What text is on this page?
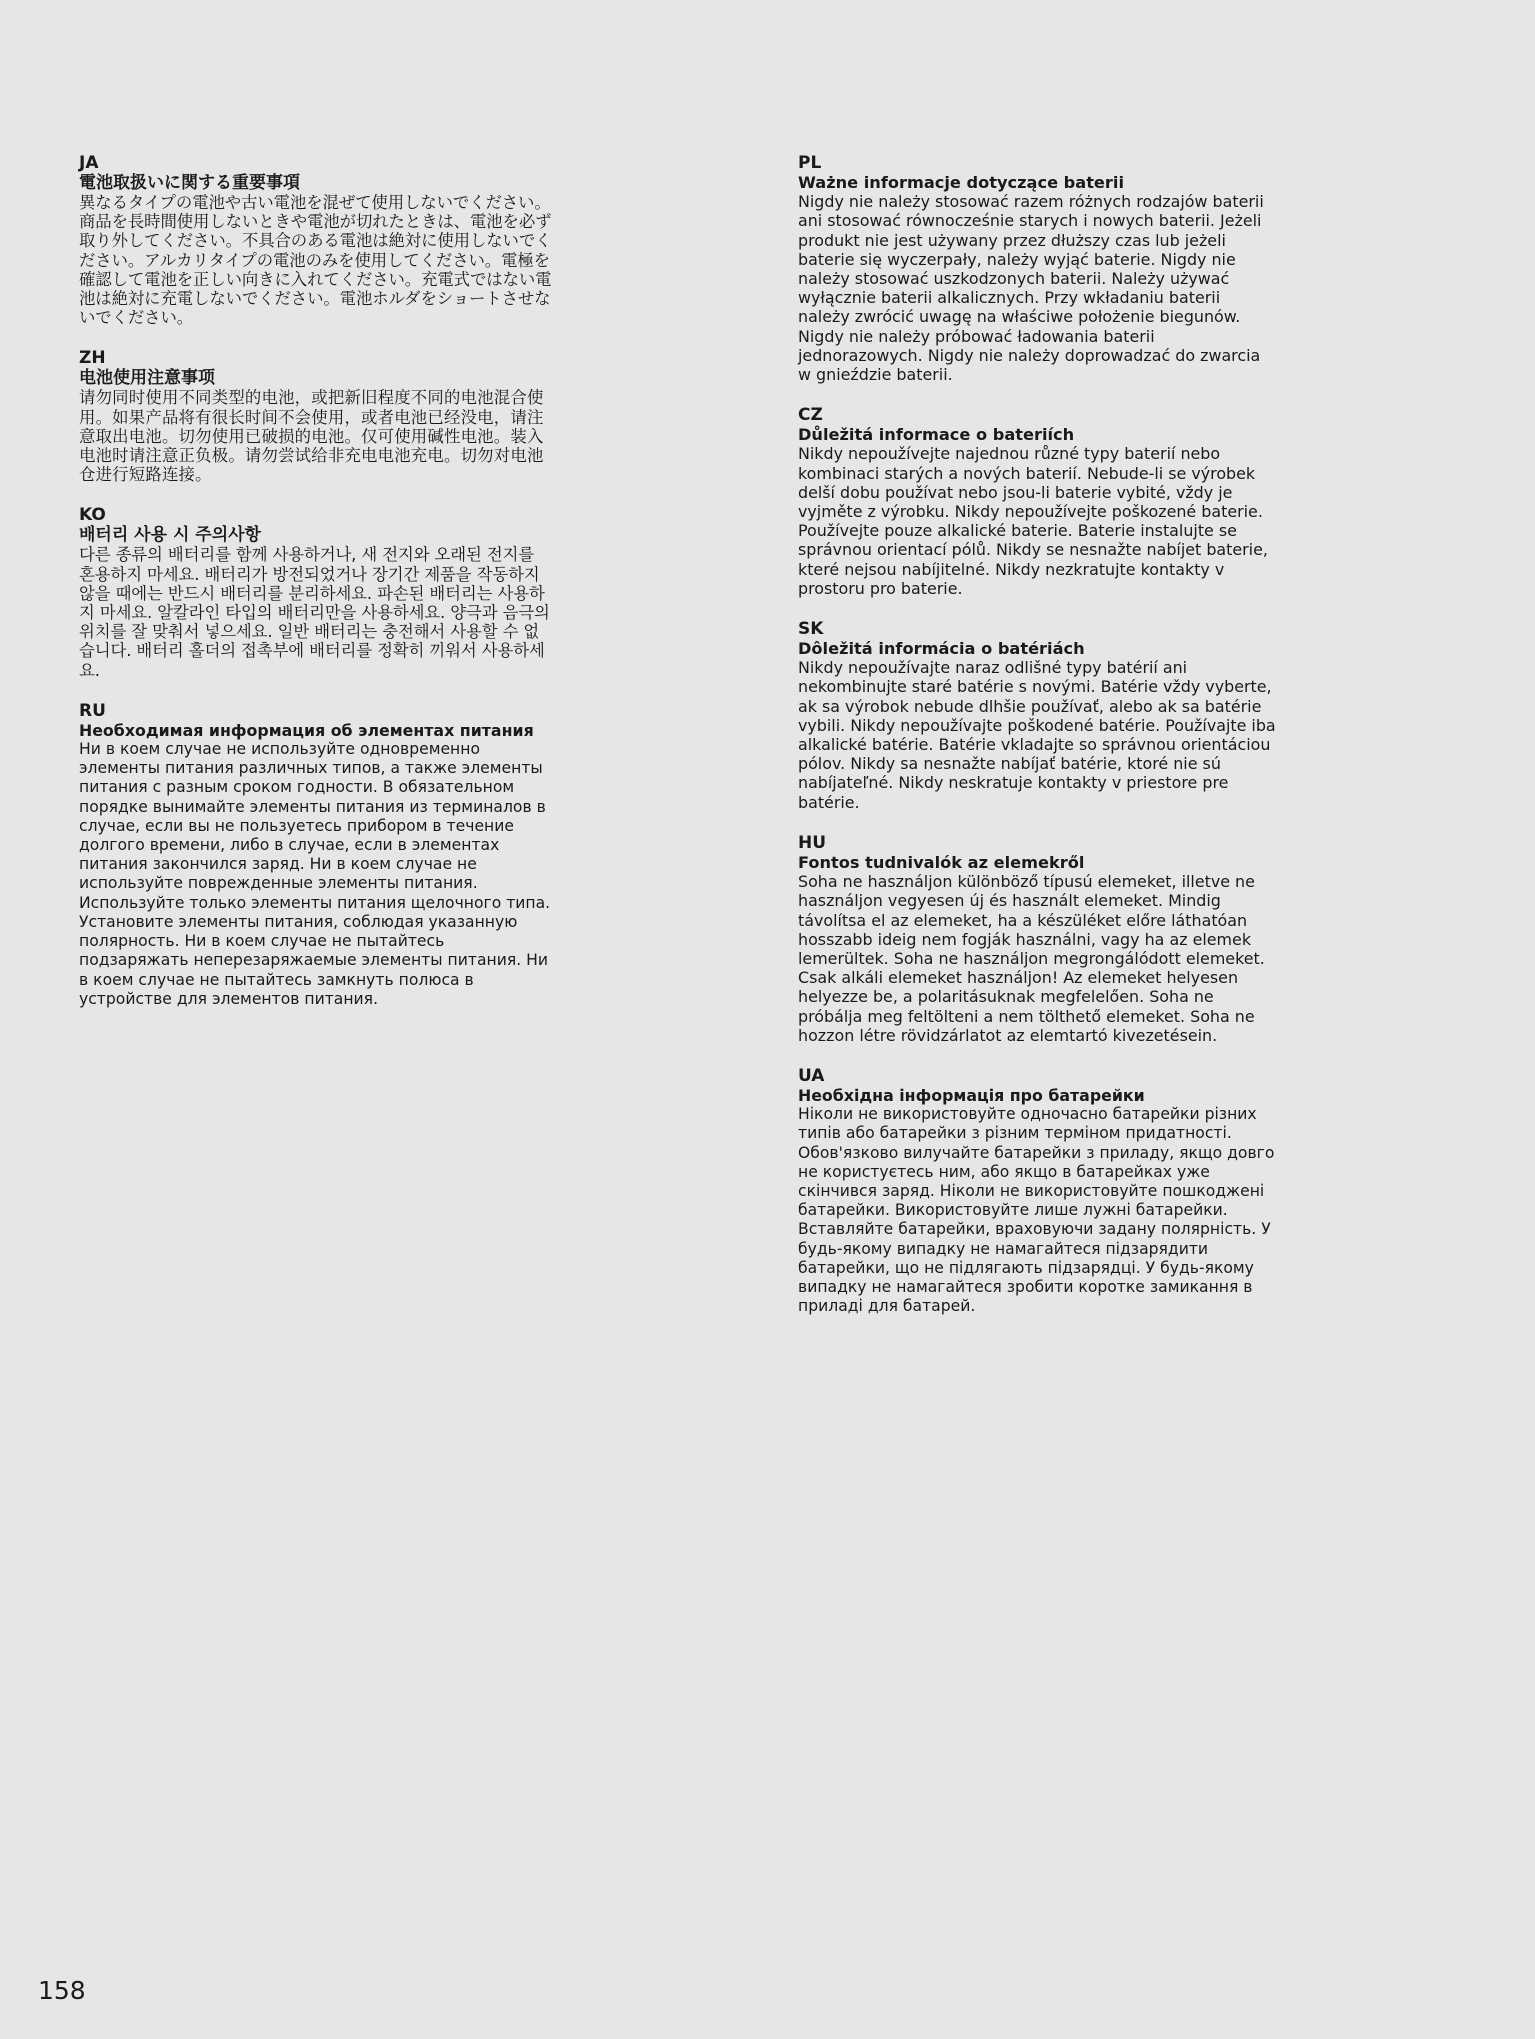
JA

電池取扱いに関する重要事項

異なるタイプの電池や古い電池を混ぜて使用しないでください。商品を長時間使用しないときや電池が切れたときは、電池を必ず取り外してください。不具合のある電池は絶対に使用しないでください。アルカリタイプの電池のみを使用してください。電極を確認して電池を正しい向きに入れてください。充電式ではない電池は絶対に充電しないでください。電池ホルダをショートさせないでください。

ZH

电池使用注意事项

请勿同时使用不同类型的电池，或把新旧程度不同的电池混合使用。如果产品将有很长时间不会使用，或者电池已经没电，请注意取出电池。切勿使用已破损的电池。仅可使用碱性电池。装入电池时请注意正负极。请勿尝试给非充电电池充电。切勿对电池仓进行短路连接。

KO

배터리 사용 시 주의사항

다른 종류의 배터리를 함께 사용하거나, 새 전지와 오래된 전지를 혼용하지 마세요. 배터리가 방전되었거나 장기간 제품을 작동하지 않을 때에는 반드시 배터리를 분리하세요. 파손된 배터리는 사용하지 마세요. 알칼라인 타입의 배터리만을 사용하세요. 양극과 음극의 위치를 잘 맞춰서 넣으세요. 일반 배터리는 충전해서 사용할 수 없습니다. 배터리 홀더의 접촉부에 배터리를 정확히 끼워서 사용하세요.

RU

Необходимая информация об элементах питания

Ни в коем случае не используйте одновременно элементы питания различных типов, а также элементы питания с разным сроком годности. В обязательном порядке вынимайте элементы питания из терминалов в случае, если вы не пользуетесь прибором в течение долгого времени, либо в случае, если в элементах питания закончился заряд. Ни в коем случае не используйте поврежденные элементы питания. Используйте только элементы питания щелочного типа. Установите элементы питания, соблюдая указанную полярность. Ни в коем случае не пытайтесь подзаряжать неперезаряжаемые элементы питания. Ни в коем случае не пытайтесь замкнуть полюса в устройстве для элементов питания.

PL

Ważne informacje dotyczące baterii

Nigdy nie należy stosować razem różnych rodzajów baterii ani stosować równocześnie starych i nowych baterii. Jeżeli produkt nie jest używany przez dłuższy czas lub jeżeli baterie się wyczerpały, należy wyjąć baterie. Nigdy nie należy stosować uszkodzonych baterii. Należy używać wyłącznie baterii alkalicznych. Przy wkładaniu baterii należy zwrócić uwagę na właściwe położenie biegunów. Nigdy nie należy próbować ładowania baterii jednorazowych. Nigdy nie należy doprowadzać do zwarcia w gnieździe baterii.

CZ

Důležitá informace o bateriích

Nikdy nepoužívejte najednou různé typy baterií nebo kombinaci starých a nových baterií. Nebude-li se výrobek delší dobu používat nebo jsou-li baterie vybité, vždy je vyjměte z výrobku. Nikdy nepoužívejte poškozené baterie. Používejte pouze alkalické baterie. Baterie instalujte se správnou orientací pólů. Nikdy se nesnažte nabíjet baterie, které nejsou nabíjitelné. Nikdy nezkratujte kontakty v prostoru pro baterie.

SK

Dôležitá informácia o batériách

Nikdy nepoužívajte naraz odlišné typy batérií ani nekombinujte staré batérie s novými. Batérie vždy vyberte, ak sa výrobok nebude dlhšie používať, alebo ak sa batérie vybili. Nikdy nepoužívajte poškodené batérie. Používajte iba alkalické batérie. Batérie vkladajte so správnou orientáciou pólov. Nikdy sa nesnažte nabíjať batérie, ktoré nie sú nabíjateľné. Nikdy neskratuje kontakty v priestore pre batérie.

HU

Fontos tudnivalók az elemekről

Soha ne használjon különböző típusú elemeket, illetve ne használjon vegyesen új és használt elemeket. Mindig távolítsa el az elemeket, ha a készüléket előre láthatóan hosszabb ideig nem fogják használni, vagy ha az elemek lemerültek. Soha ne használjon megrongálódott elemeket. Csak alkáli elemeket használjon! Az elemeket helyesen helyezze be, a polaritásuknak megfelelően. Soha ne próbálja meg feltölteni a nem tölthető elemeket. Soha ne hozzon létre rövidzárlatot az elemtartó kivezetésein.

UA

Необхідна інформація про батарейки

Ніколи не використовуйте одночасно батарейки різних типів або батарейки з різним терміном придатності. Обов'язково вилучайте батарейки з приладу, якщо довго не користуєтесь ним, або якщо в батарейках уже скінчився заряд. Ніколи не використовуйте пошкоджені батарейки. Використовуйте лише лужні батарейки. Вставляйте батарейки, враховуючи задану полярність. У будь-якому випадку не намагайтеся підзарядити батарейки, що не підлягають підзарядці. У будь-якому випадку не намагайтеся зробити коротке замикання в приладі для батарей.

158
